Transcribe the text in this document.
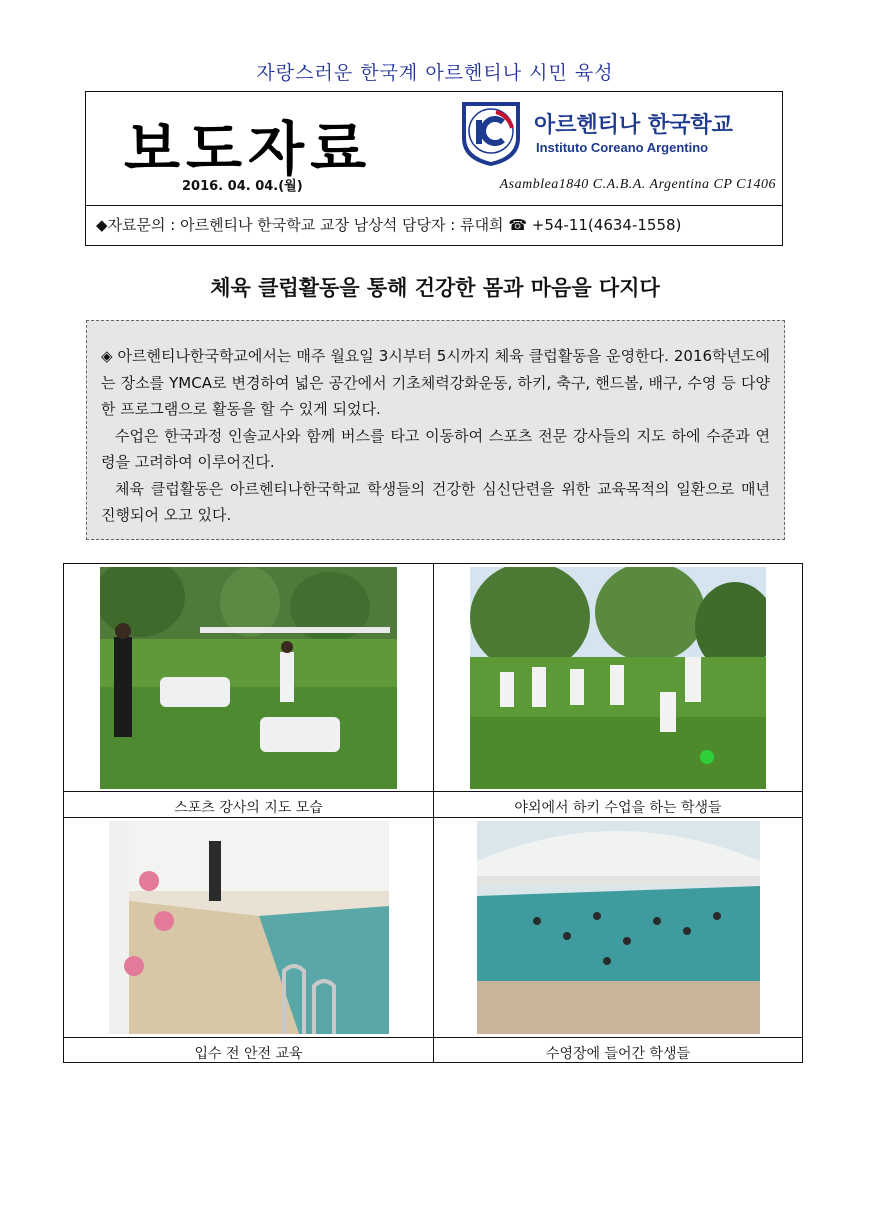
자랑스러운 한국계 아르헨티나 시민 육성
보도자료
2016. 04. 04.(월)
아르헨티나 한국학교
Instituto Coreano Argentino
Asamblea1840 C.A.B.A. Argentina CP C1406
◆자료문의 : 아르헨티나 한국학교 교장 남상석 담당자 : 류대희 ☎ +54-11(4634-1558)
체육 클럽활동을 통해 건강한 몸과 마음을 다지다

◈ 아르헨티나한국학교에서는 매주 월요일 3시부터 5시까지 체육 클럽활동을 운영한다. 2016학년도에는 장소를 YMCA로 변경하여 넓은 공간에서 기초체력강화운동, 하키, 축구, 핸드볼, 배구, 수영 등 다양한 프로그램으로 활동을 할 수 있게 되었다.

수업은 한국과정 인솔교사와 함께 버스를 타고 이동하여 스포츠 전문 강사들의 지도 하에 수준과 연령을 고려하여 이루어진다.

체육 클럽활동은 아르헨티나한국학교 학생들의 건강한 심신단련을 위한 교육목적의 일환으로 매년 진행되어 오고 있다.

스포츠 강사의 지도 모습	야외에서 하키 수업을 하는 학생들
입수 전 안전 교육	수영장에 들어간 학생들
